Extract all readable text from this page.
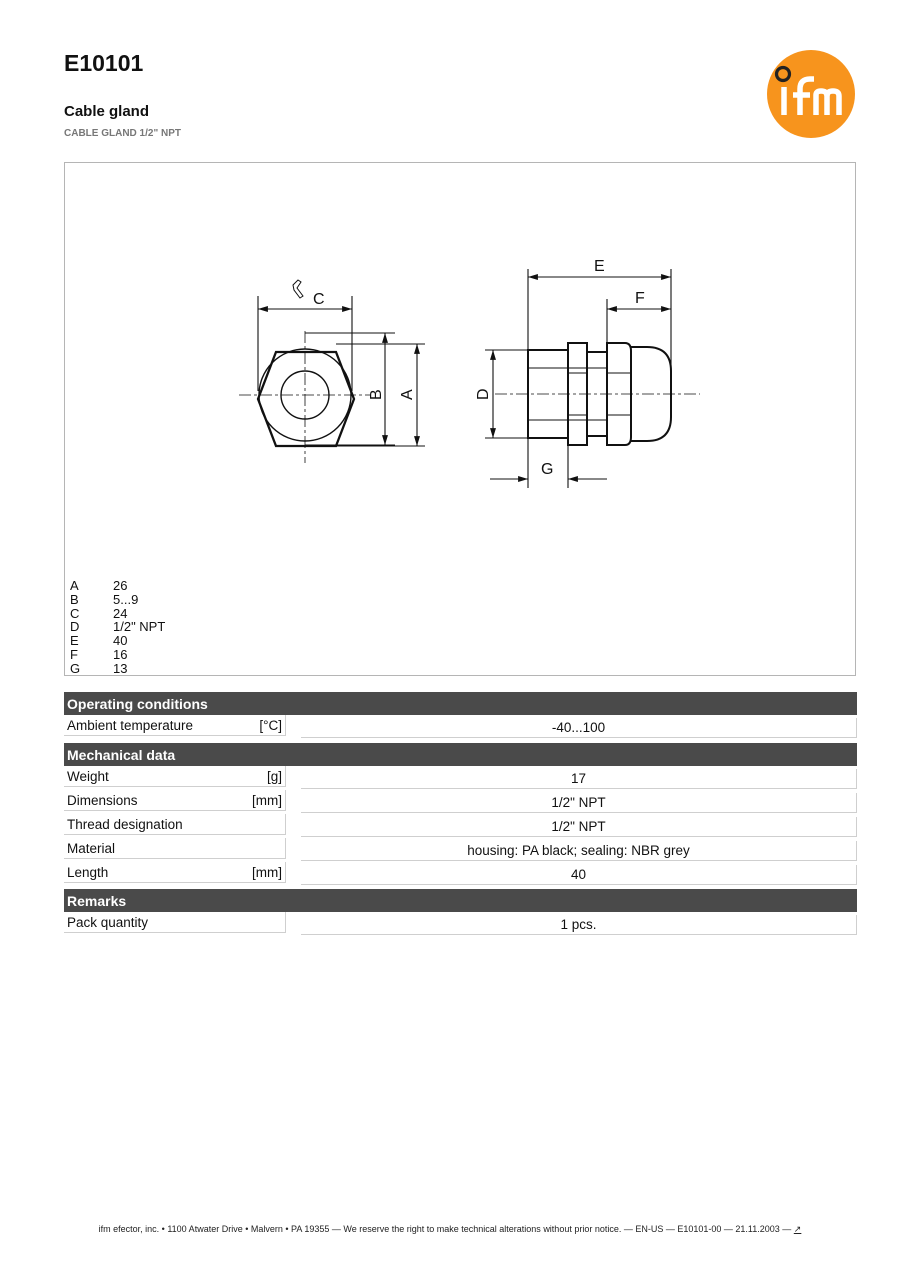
E10101
Cable gland

CABLE GLAND 1/2" NPT

C
E
F
G
B A	D
A	26
B	5...9
C	24
D	1/2" NPT
E	40
F	16
G	13
Operating conditions
Ambient temperature	[°C]	-40...100
Mechanical data
Weight	[g]	17
Dimensions	[mm]	1/2" NPT
Thread designation	1/2" NPT
Material	housing: PA black; sealing: NBR grey
Length	[mm]	40
Remarks
Pack quantity	1 pcs.
ifm efector, inc. • 1100 Atwater Drive • Malvern • PA 19355 — We reserve the right to make technical alterations without prior notice. — EN-US — E10101-00 — 21.11.2003 — ↗
